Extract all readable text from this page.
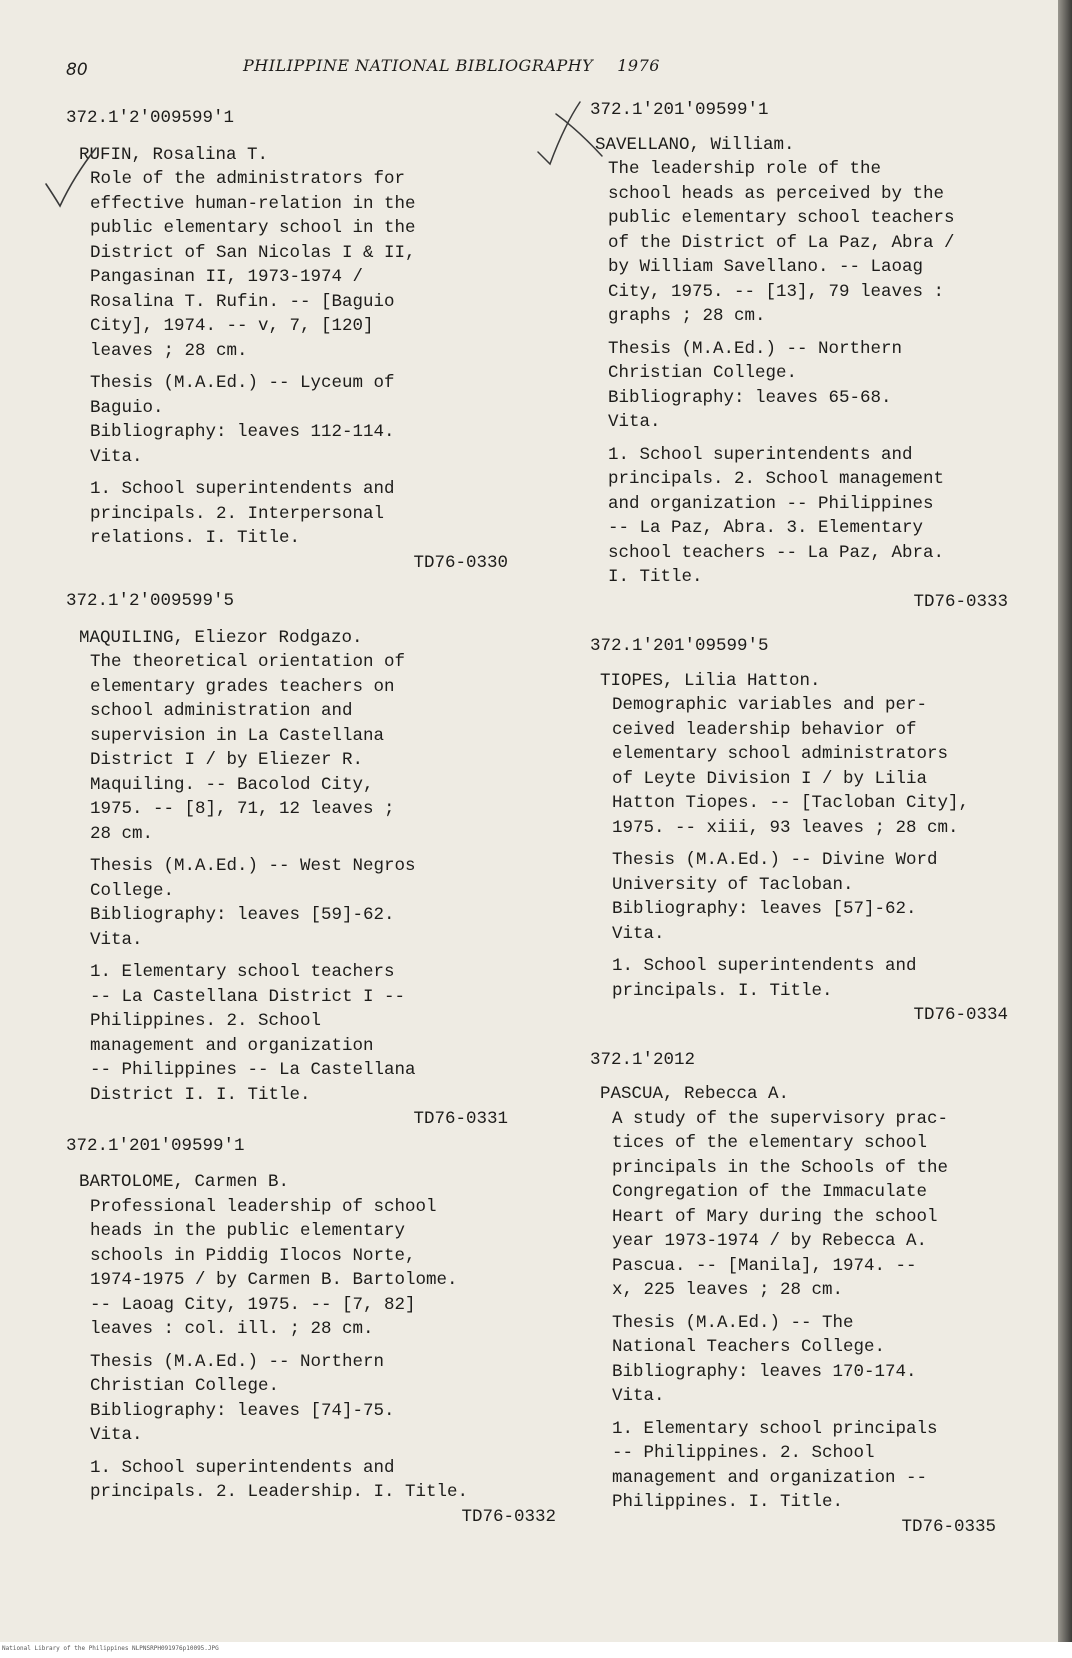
80	PHILIPPINE NATIONAL BIBLIOGRAPHY 1976
372.1'2'009599'1
RUFIN, Rosalina T.
Role of the administrators for
effective human-relation in the
public elementary school in the
District of San Nicolas I & II,
Pangasinan II, 1973-1974 /
Rosalina T. Rufin. -- [Baguio
City], 1974. -- v, 7, [120]
leaves ; 28 cm.
Thesis (M.A.Ed.) -- Lyceum of
Baguio.
Bibliography: leaves 112-114.
Vita.
1. School superintendents and
principals. 2. Interpersonal
relations. I. Title.
TD76-0330
372.1'2'009599'5
MAQUILING, Eliezor Rodgazo.
The theoretical orientation of
elementary grades teachers on
school administration and
supervision in La Castellana
District I / by Eliezer R.
Maquiling. -- Bacolod City,
1975. -- [8], 71, 12 leaves ;
28 cm.
Thesis (M.A.Ed.) -- West Negros
College.
Bibliography: leaves [59]-62.
Vita.
1. Elementary school teachers
-- La Castellana District I --
Philippines. 2. School
management and organization
-- Philippines -- La Castellana
District I. I. Title.
TD76-0331
372.1'201'09599'1
BARTOLOME, Carmen B.
Professional leadership of school
heads in the public elementary
schools in Piddig Ilocos Norte,
1974-1975 / by Carmen B. Bartolome.
-- Laoag City, 1975. -- [7, 82]
leaves : col. ill. ; 28 cm.
Thesis (M.A.Ed.) -- Northern
Christian College.
Bibliography: leaves [74]-75.
Vita.
1. School superintendents and
principals. 2. Leadership. I. Title.
TD76-0332
372.1'201'09599'1
SAVELLANO, William.
The leadership role of the
school heads as perceived by the
public elementary school teachers
of the District of La Paz, Abra /
by William Savellano. -- Laoag
City, 1975. -- [13], 79 leaves :
graphs ; 28 cm.
Thesis (M.A.Ed.) -- Northern
Christian College.
Bibliography: leaves 65-68.
Vita.
1. School superintendents and
principals. 2. School management
and organization -- Philippines
-- La Paz, Abra. 3. Elementary
school teachers -- La Paz, Abra.
I. Title.
TD76-0333
372.1'201'09599'5
TIOPES, Lilia Hatton.
Demographic variables and per-
ceived leadership behavior of
elementary school administrators
of Leyte Division I / by Lilia
Hatton Tiopes. -- [Tacloban City],
1975. -- xiii, 93 leaves ; 28 cm.
Thesis (M.A.Ed.) -- Divine Word
University of Tacloban.
Bibliography: leaves [57]-62.
Vita.
1. School superintendents and
principals. I. Title.
TD76-0334
372.1'2012
PASCUA, Rebecca A.
A study of the supervisory prac-
tices of the elementary school
principals in the Schools of the
Congregation of the Immaculate
Heart of Mary during the school
year 1973-1974 / by Rebecca A.
Pascua. -- [Manila], 1974. --
x, 225 leaves ; 28 cm.
Thesis (M.A.Ed.) -- The
National Teachers College.
Bibliography: leaves 170-174.
Vita.
1. Elementary school principals
-- Philippines. 2. School
management and organization --
Philippines. I. Title.
TD76-0335
National Library of the Philippines NLPNSRPH091976p10095.JPG
